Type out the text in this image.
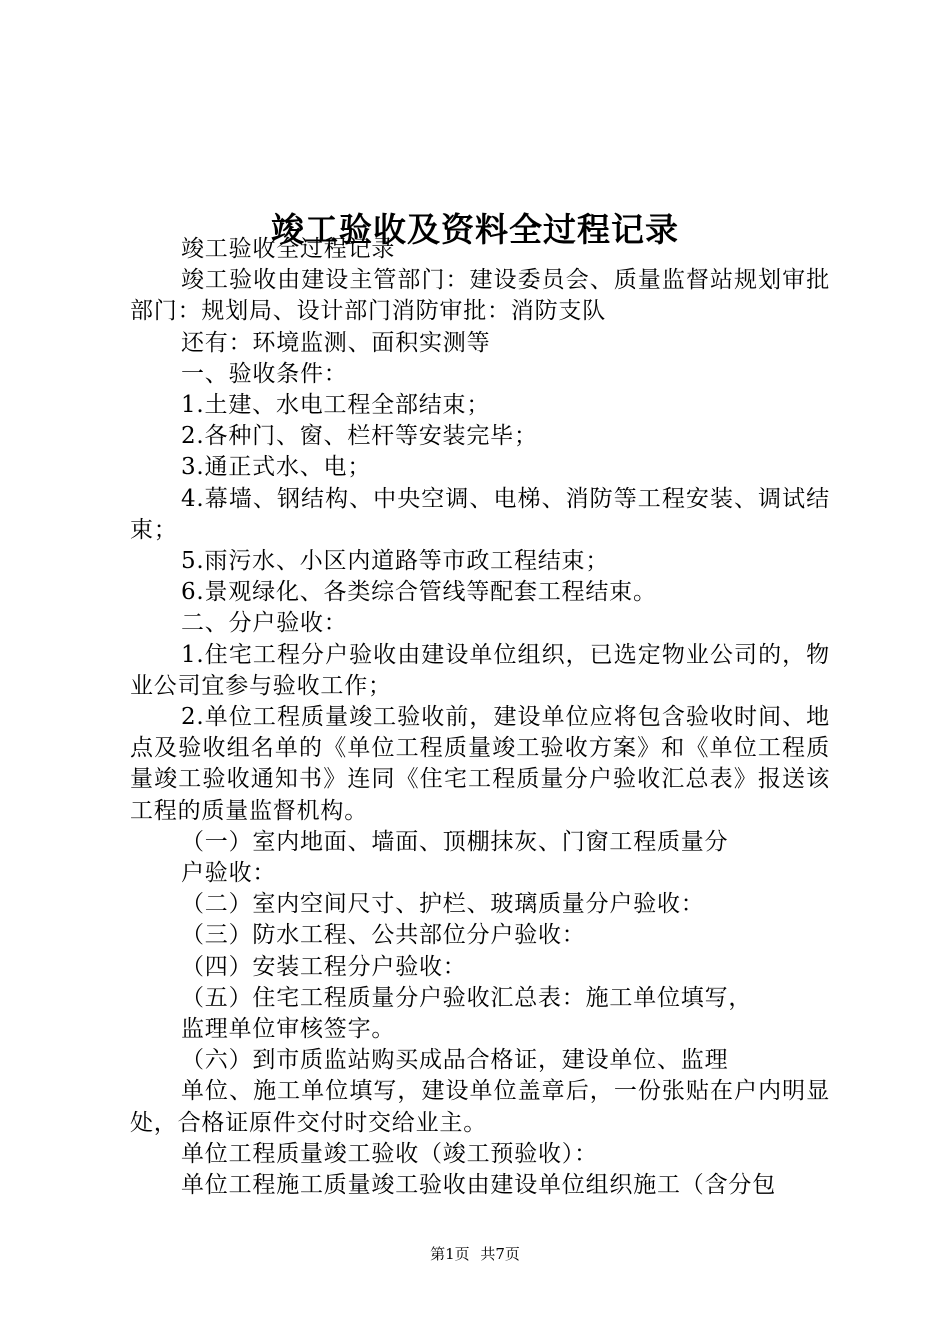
竣工验收及资料全过程记录

竣工验收全过程记录

竣工验收由建设主管部门：建设委员会、质量监督站规划审批部门：规划局、设计部门消防审批：消防支队

还有：环境监测、面积实测等

一、验收条件：

1.土建、水电工程全部结束；

2.各种门、窗、栏杆等安装完毕；

3.通正式水、电；

4.幕墙、钢结构、中央空调、电梯、消防等工程安装、调试结束；

5.雨污水、小区内道路等市政工程结束；

6.景观绿化、各类综合管线等配套工程结束。

二、分户验收：

1.住宅工程分户验收由建设单位组织，已选定物业公司的，物业公司宜参与验收工作；

2.单位工程质量竣工验收前，建设单位应将包含验收时间、地点及验收组名单的《单位工程质量竣工验收方案》和《单位工程质量竣工验收通知书》连同《住宅工程质量分户验收汇总表》报送该工程的质量监督机构。

（一）室内地面、墙面、顶棚抹灰、门窗工程质量分

户验收：

（二）室内空间尺寸、护栏、玻璃质量分户验收：

（三）防水工程、公共部位分户验收：

（四）安装工程分户验收：

（五）住宅工程质量分户验收汇总表：施工单位填写，

监理单位审核签字。

（六）到市质监站购买成品合格证，建设单位、监理

单位、施工单位填写，建设单位盖章后，一份张贴在户内明显处，合格证原件交付时交给业主。

单位工程质量竣工验收（竣工预验收）：

单位工程施工质量竣工验收由建设单位组织施工（含分包

第1页 共7页
